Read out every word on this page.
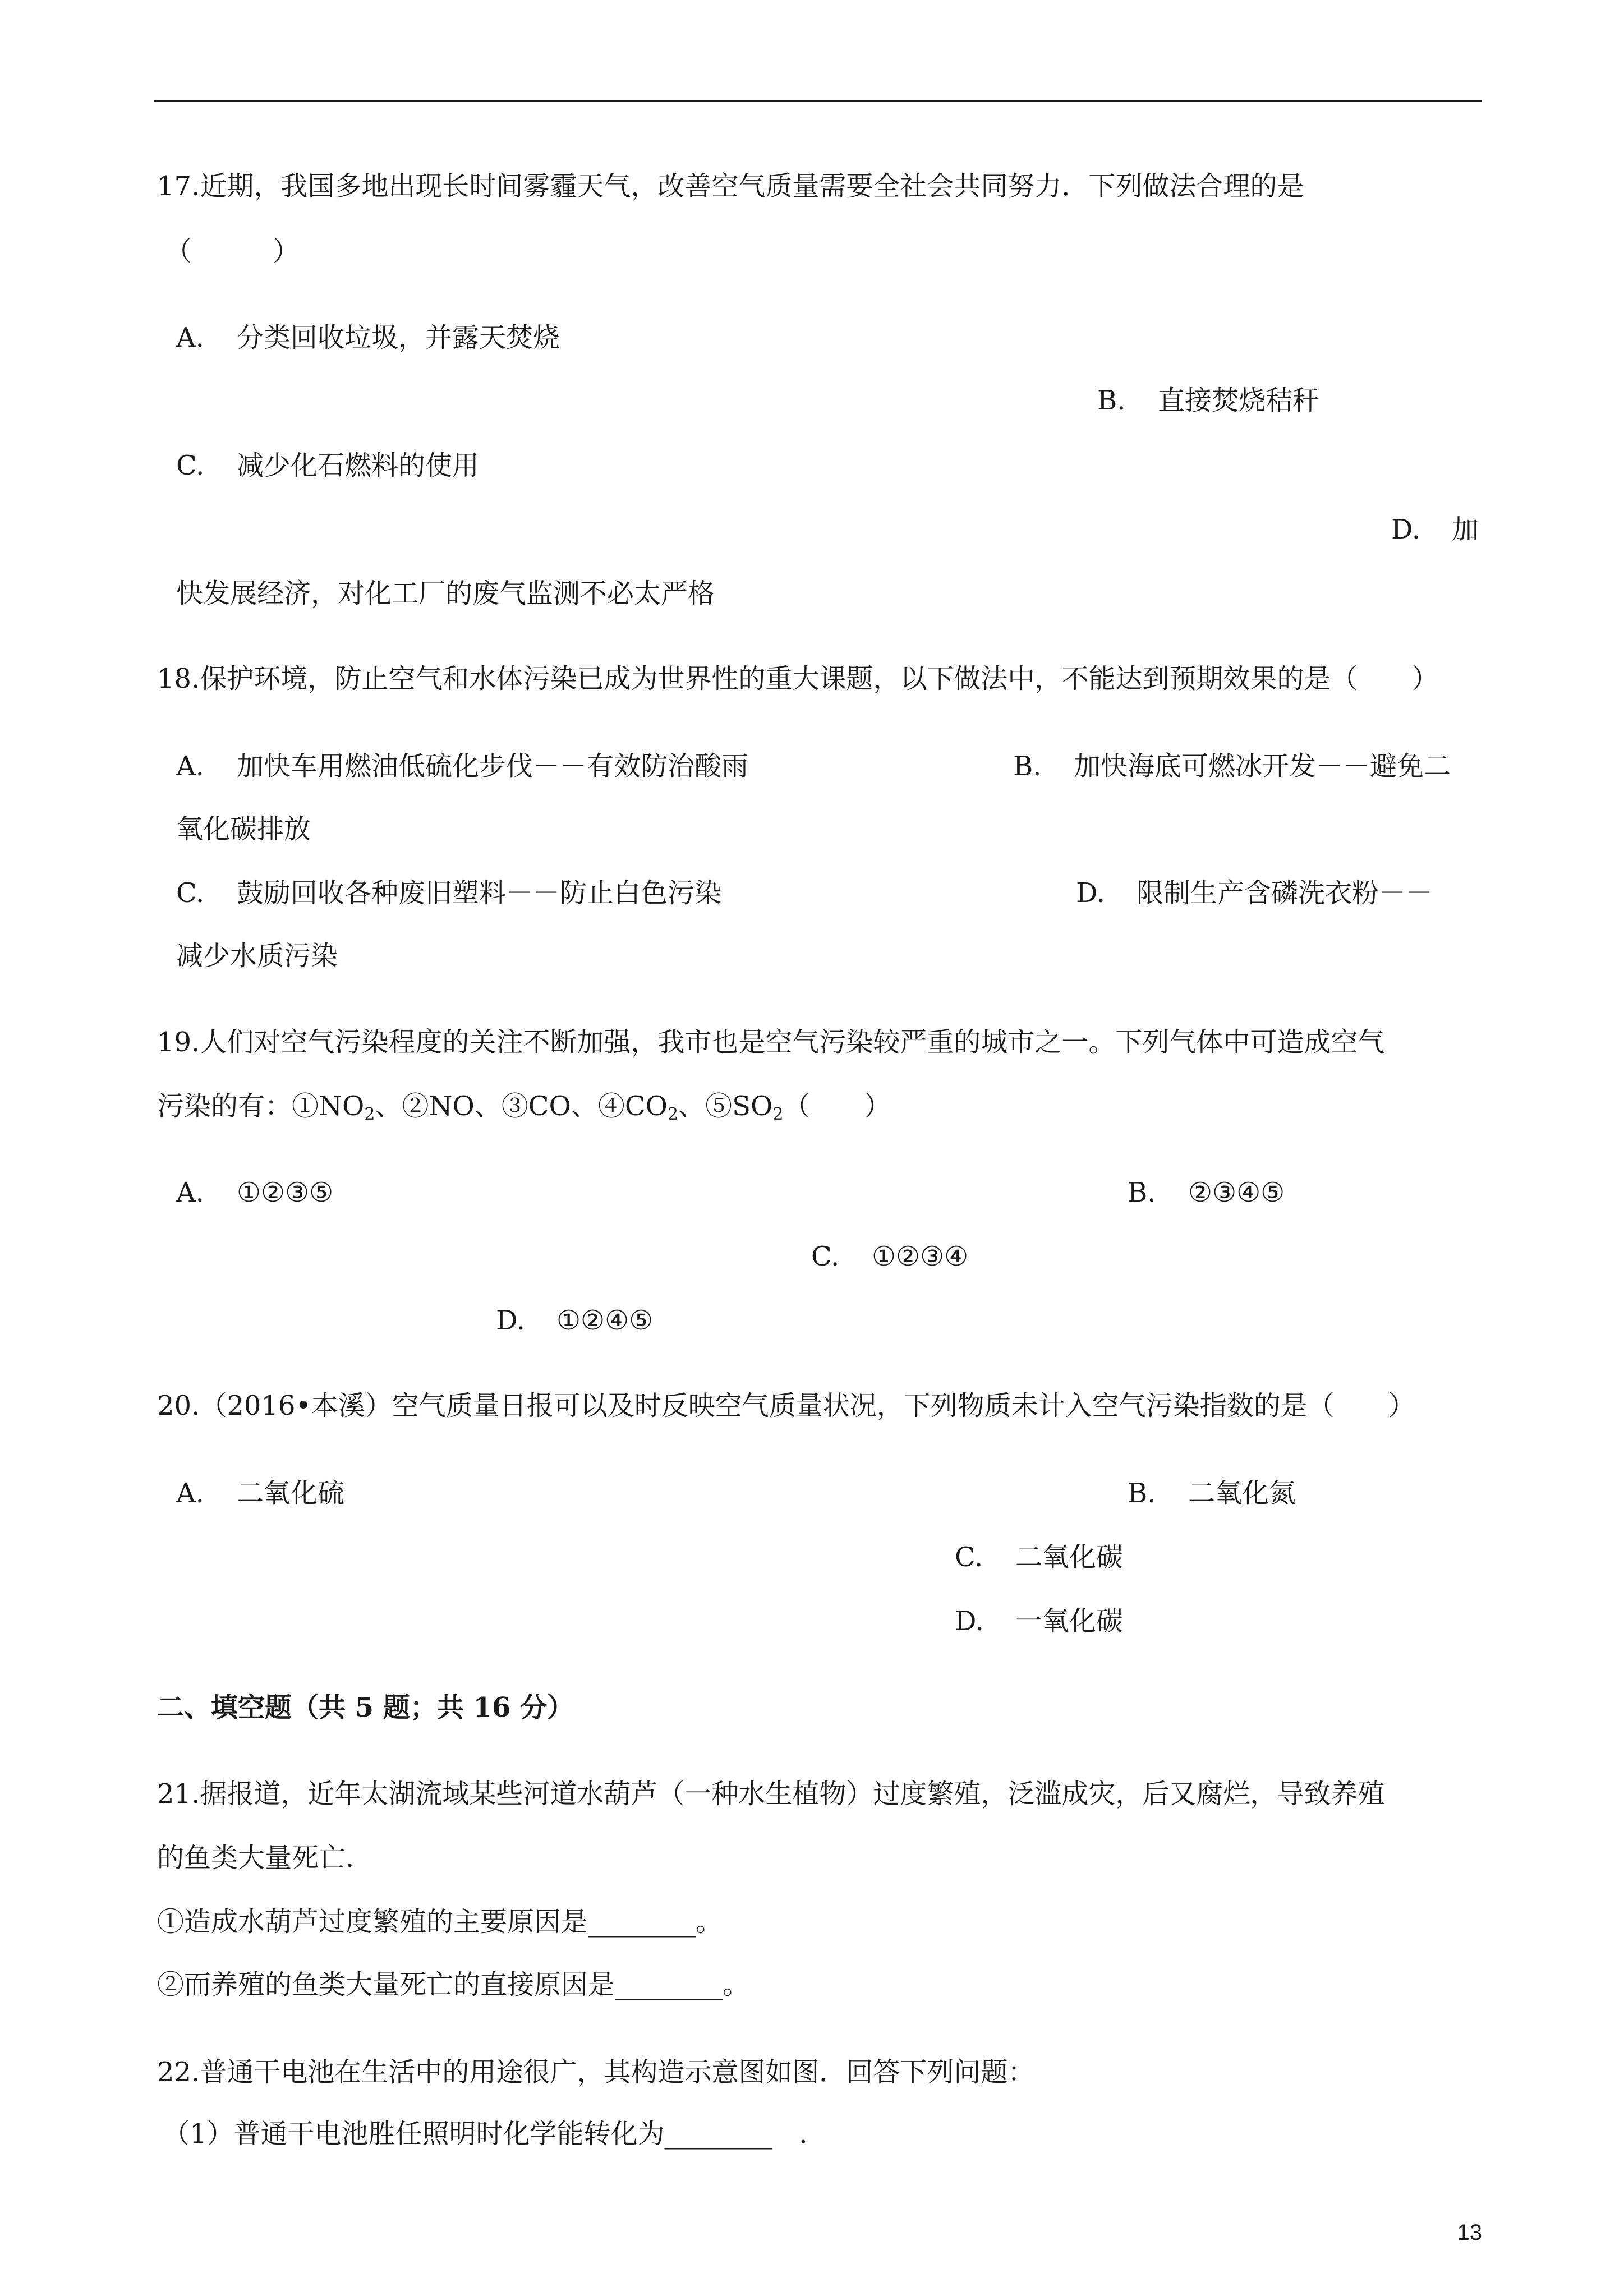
17.近期，我国多地出现长时间雾霾天气，改善空气质量需要全社会共同努力．下列做法合理的是
（　　　）
A. 分类回收垃圾，并露天焚烧
B. 直接焚烧秸秆
C. 减少化石燃料的使用
D. 加
快发展经济，对化工厂的废气监测不必太严格
18.保护环境，防止空气和水体污染已成为世界性的重大课题，以下做法中，不能达到预期效果的是（　　）
A. 加快车用燃油低硫化步伐－－有效防治酸雨	B. 加快海底可燃冰开发－－避免二
氧化碳排放
C. 鼓励回收各种废旧塑料－－防止白色污染	D. 限制生产含磷洗衣粉－－
减少水质污染
19.人们对空气污染程度的关注不断加强，我市也是空气污染较严重的城市之一。下列气体中可造成空气
污染的有：$①NO_2$、②NO、③CO、$④CO_2$、$⑤SO_2$（　　）
A. ①②③⑤	B. ②③④⑤
C. ①②③④
D. ①②④⑤
20.（2016•本溪）空气质量日报可以及时反映空气质量状况，下列物质未计入空气污染指数的是（　　）
A. 二氧化硫	B. 二氧化氮
C. 二氧化碳
D. 一氧化碳
二、填空题（共 5 题；共 16 分）
21.据报道，近年太湖流域某些河道水葫芦（一种水生植物）过度繁殖，泛滥成灾，后又腐烂，导致养殖
的鱼类大量死亡.
①造成水葫芦过度繁殖的主要原因是________。
②而养殖的鱼类大量死亡的直接原因是________。
22.普通干电池在生活中的用途很广，其构造示意图如图．回答下列问题：
（1）普通干电池胜任照明时化学能转化为________　．
13
